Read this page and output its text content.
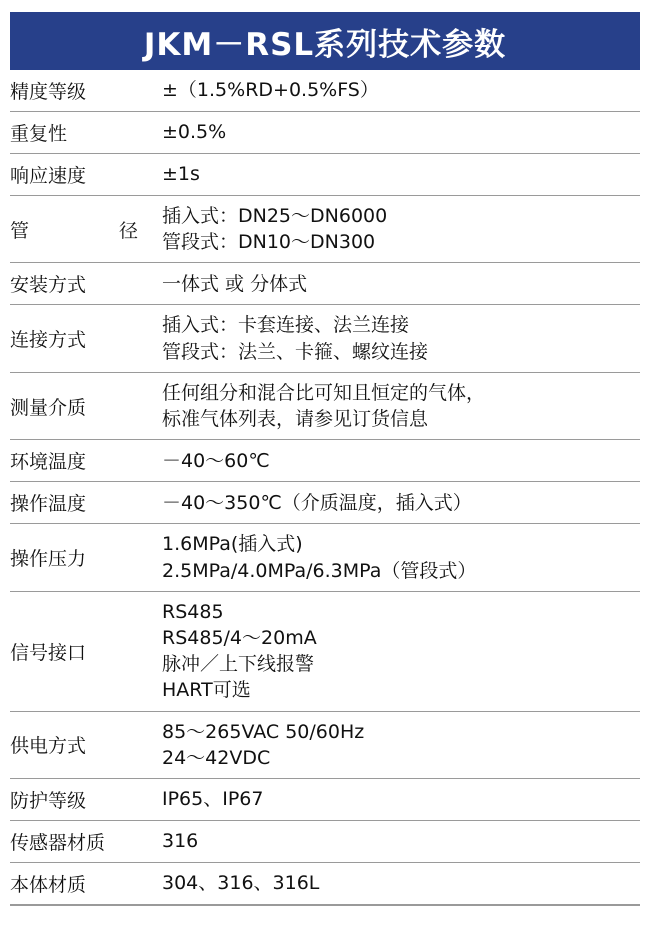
JKM－RSL系列技术参数
精度等级	±（1.5%RD+0.5%FS）

重复性	±0.5%

响应速度	±1s

管径	插入式：DN25～DN6000
管段式：DN10～DN300

安装方式	一体式 或 分体式

连接方式	插入式：卡套连接、法兰连接
管段式：法兰、卡箍、螺纹连接

测量介质	任何组分和混合比可知且恒定的气体，
标准气体列表，请参见订货信息

环境温度	－40～60℃

操作温度	－40～350℃（介质温度，插入式）

操作压力	1.6MPa(插入式)
2.5MPa/4.0MPa/6.3MPa（管段式）

信号接口	RS485
RS485/4～20mA
脉冲／上下线报警
HART可选

供电方式	85～265VAC 50/60Hz
24～42VDC

防护等级	IP65、IP67

传感器材质	316

本体材质	304、316、316L
